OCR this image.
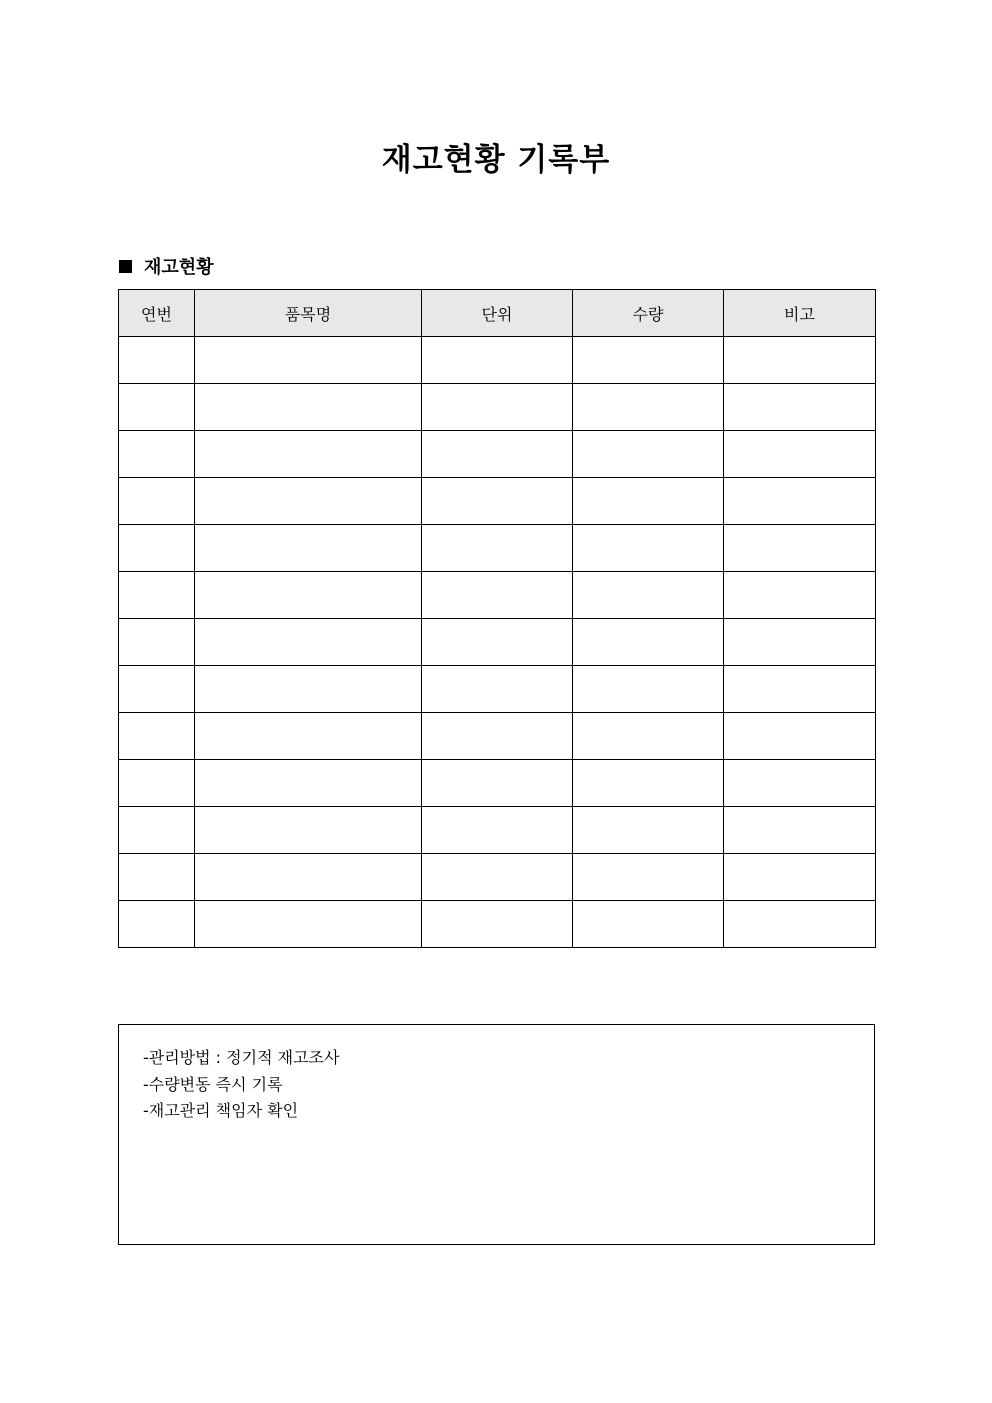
재고현황 기록부
재고현황
연번	품목명	단위	수량	비고

-관리방법 : 정기적 재고조사
-수량변동 즉시 기록
-재고관리 책임자 확인
